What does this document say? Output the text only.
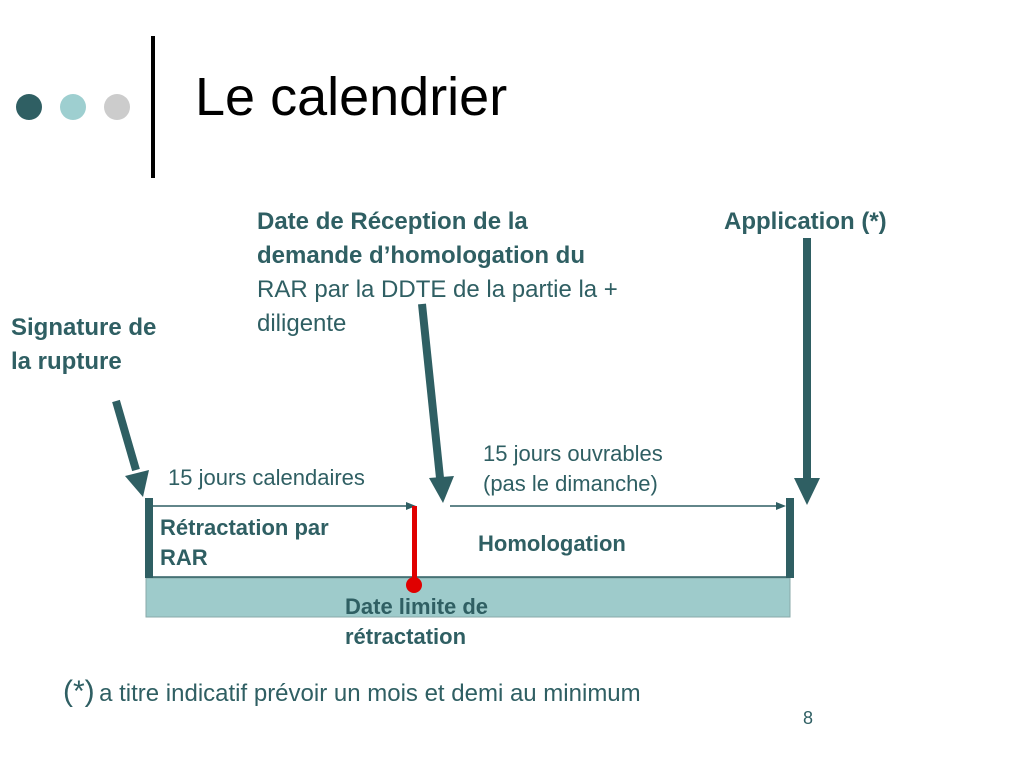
Le calendrier
Signature de
la rupture
Date de Réception de la
demande d’homologation du
RAR par la DDTE de la partie la +
diligente
Application (*)
15 jours calendaires
15 jours ouvrables
(pas le dimanche)
Rétractation par
RAR
Homologation
Date limite de
rétractation
(*) a titre indicatif prévoir un mois et demi au minimum
8
